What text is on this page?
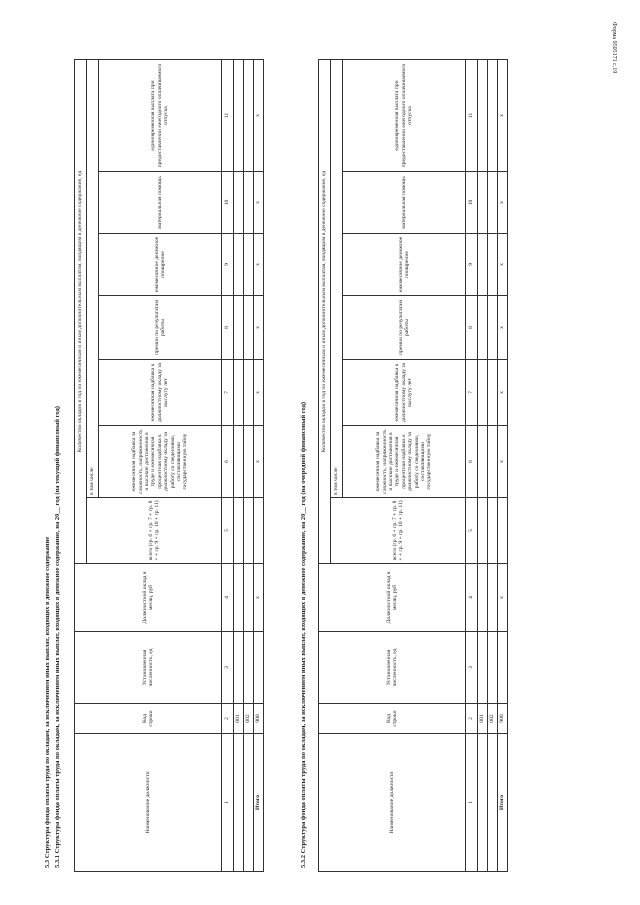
Форма 0505171 с.19
5.3 Структура фонда оплаты труда по окладам, за исключением иных выплат, входящих в денежное содержание 5.3.1 Структура фонда оплаты труда по окладам, за исключением иных выплат, входящих в денежное содержание, на 20__ год (на текущий финансовый год)	Наименование должности	Код строки	Установленная численность, ед	Должностной оклад в месяц, руб	Количество окладов в год по ежемесячным и иным дополнительным выплатам, входящим в денежное содержание, ед						
				всего (гр. 6 + гр. 7 + гр. 8 + + гр. 9 + гр. 10 + гр. 11)	в том числе					
					ежемесячная надбавка за сложность, напряженность и высокие достижения в труде и ежемесячная процентная надбавка к должностному окладу за работу со сведениями, составляющими государственную тайну	ежемесячная надбавка к должностному окладу за выслугу лет	премии по результатам работы	ежемесячное денежное поощрение	материальная помощь	единовременная выплата при предоставлении ежегодного оплачиваемого отпуска
1	2	3	4	5	6	7	8	9	10	11
	001									
	002									
Итого	900		x		x	x	x	x	x	x
5.3.2 Структура фонда оплаты труда по окладам, за исключением иных выплат, входящих в денежное содержание, на 20__ год (на очередной финансовый год)	Наименование должности	Код строки	Установленная численность, ед	Должностной оклад в месяц, руб	Количество окладов в год по ежемесячным и иным дополнительным выплатам, входящим в денежное содержание, ед						
				всего (гр. 6 + гр. 7 + гр. 8 + + гр. 9 + гр. 10 + гр. 11)	в том числе					
					ежемесячная надбавка за сложность, напряженность и высокие достижения в труде и ежемесячная процентная надбавка к должностному окладу за работу со сведениями, составляющими государственную тайну	ежемесячная надбавка к должностному окладу за выслугу лет	премии по результатам работы	ежемесячное денежное поощрение	материальная помощь	единовременная выплата при предоставлении ежегодного оплачиваемого отпуска
1	2	3	4	5	6	7	8	9	10	11
	001									
	002									
Итого	900		x		x	x	x	x	x	x
